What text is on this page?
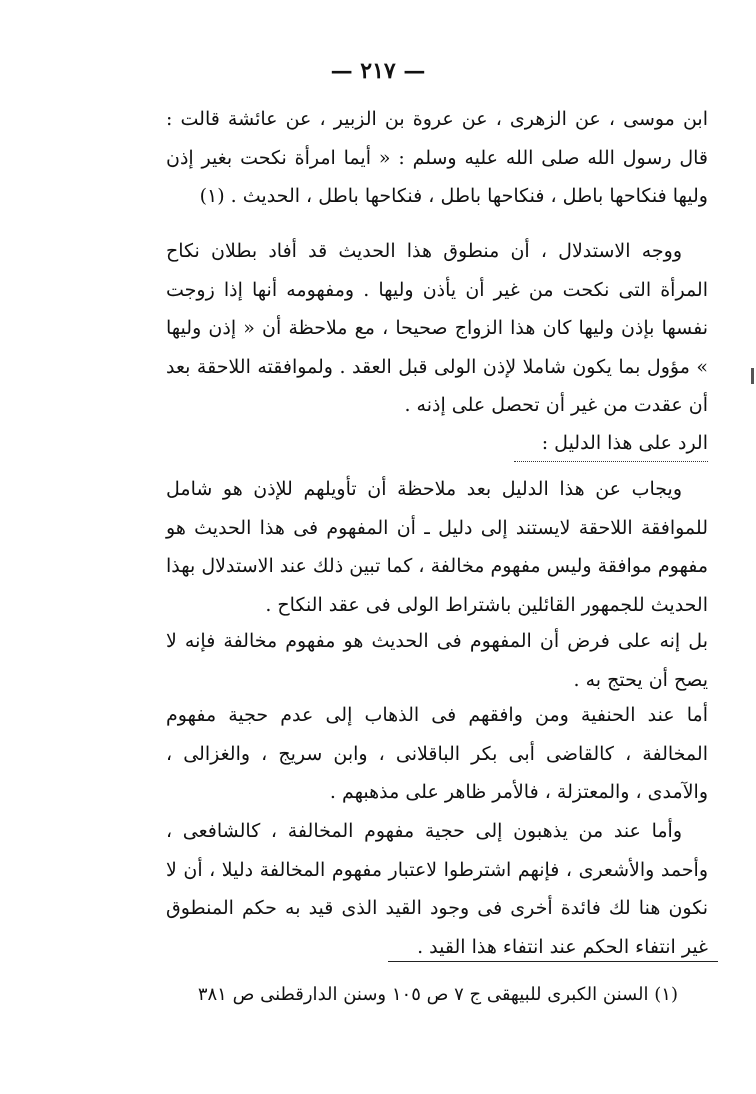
— ٢١٧ —
ابن موسى ، عن الزهرى ، عن عروة بن الزبير ، عن عائشة قالت : قال رسول الله صلى الله عليه وسلم : « أيما امرأة نكحت بغير إذن وليها فنكاحها باطل ، فنكاحها باطل ، فنكاحها باطل ، الحديث . (١)
ووجه الاستدلال ، أن منطوق هذا الحديث قد أفاد بطلان نكاح المرأة التى نكحت من غير أن يأذن وليها . ومفهومه أنها إذا زوجت نفسها بإذن وليها كان هذا الزواج صحيحا ، مع ملاحظة أن « إذن وليها » مؤول بما يكون شاملا لإذن الولى قبل العقد . ولموافقته اللاحقة بعد أن عقدت من غير أن تحصل على إذنه .
الرد على هذا الدليل :
ويجاب عن هذا الدليل بعد ملاحظة أن تأويلهم للإذن هو شامل للموافقة اللاحقة لايستند إلى دليل ـ أن المفهوم فى هذا الحديث هو مفهوم موافقة وليس مفهوم مخالفة ، كما تبين ذلك عند الاستدلال بهذا الحديث للجمهور القائلين باشتراط الولى فى عقد النكاح .
بل إنه على فرض أن المفهوم فى الحديث هو مفهوم مخالفة فإنه لا يصح أن يحتج به .
أما عند الحنفية ومن وافقهم فى الذهاب إلى عدم حجية مفهوم المخالفة ، كالقاضى أبى بكر الباقلانى ، وابن سريج ، والغزالى ، والآمدى ، والمعتزلة ، فالأمر ظاهر على مذهبهم .
وأما عند من يذهبون إلى حجية مفهوم المخالفة ، كالشافعى ، وأحمد والأشعرى ، فإنهم اشترطوا لاعتبار مفهوم المخالفة دليلا ، أن لا نكون هنا لك فائدة أخرى فى وجود القيد الذى قيد به حكم المنطوق غير انتفاء الحكم عند انتفاء هذا القيد .
(١) السنن الكبرى للبيهقى ج ٧ ص ١٠٥ وسنن الدارقطنى ص ٣٨١
